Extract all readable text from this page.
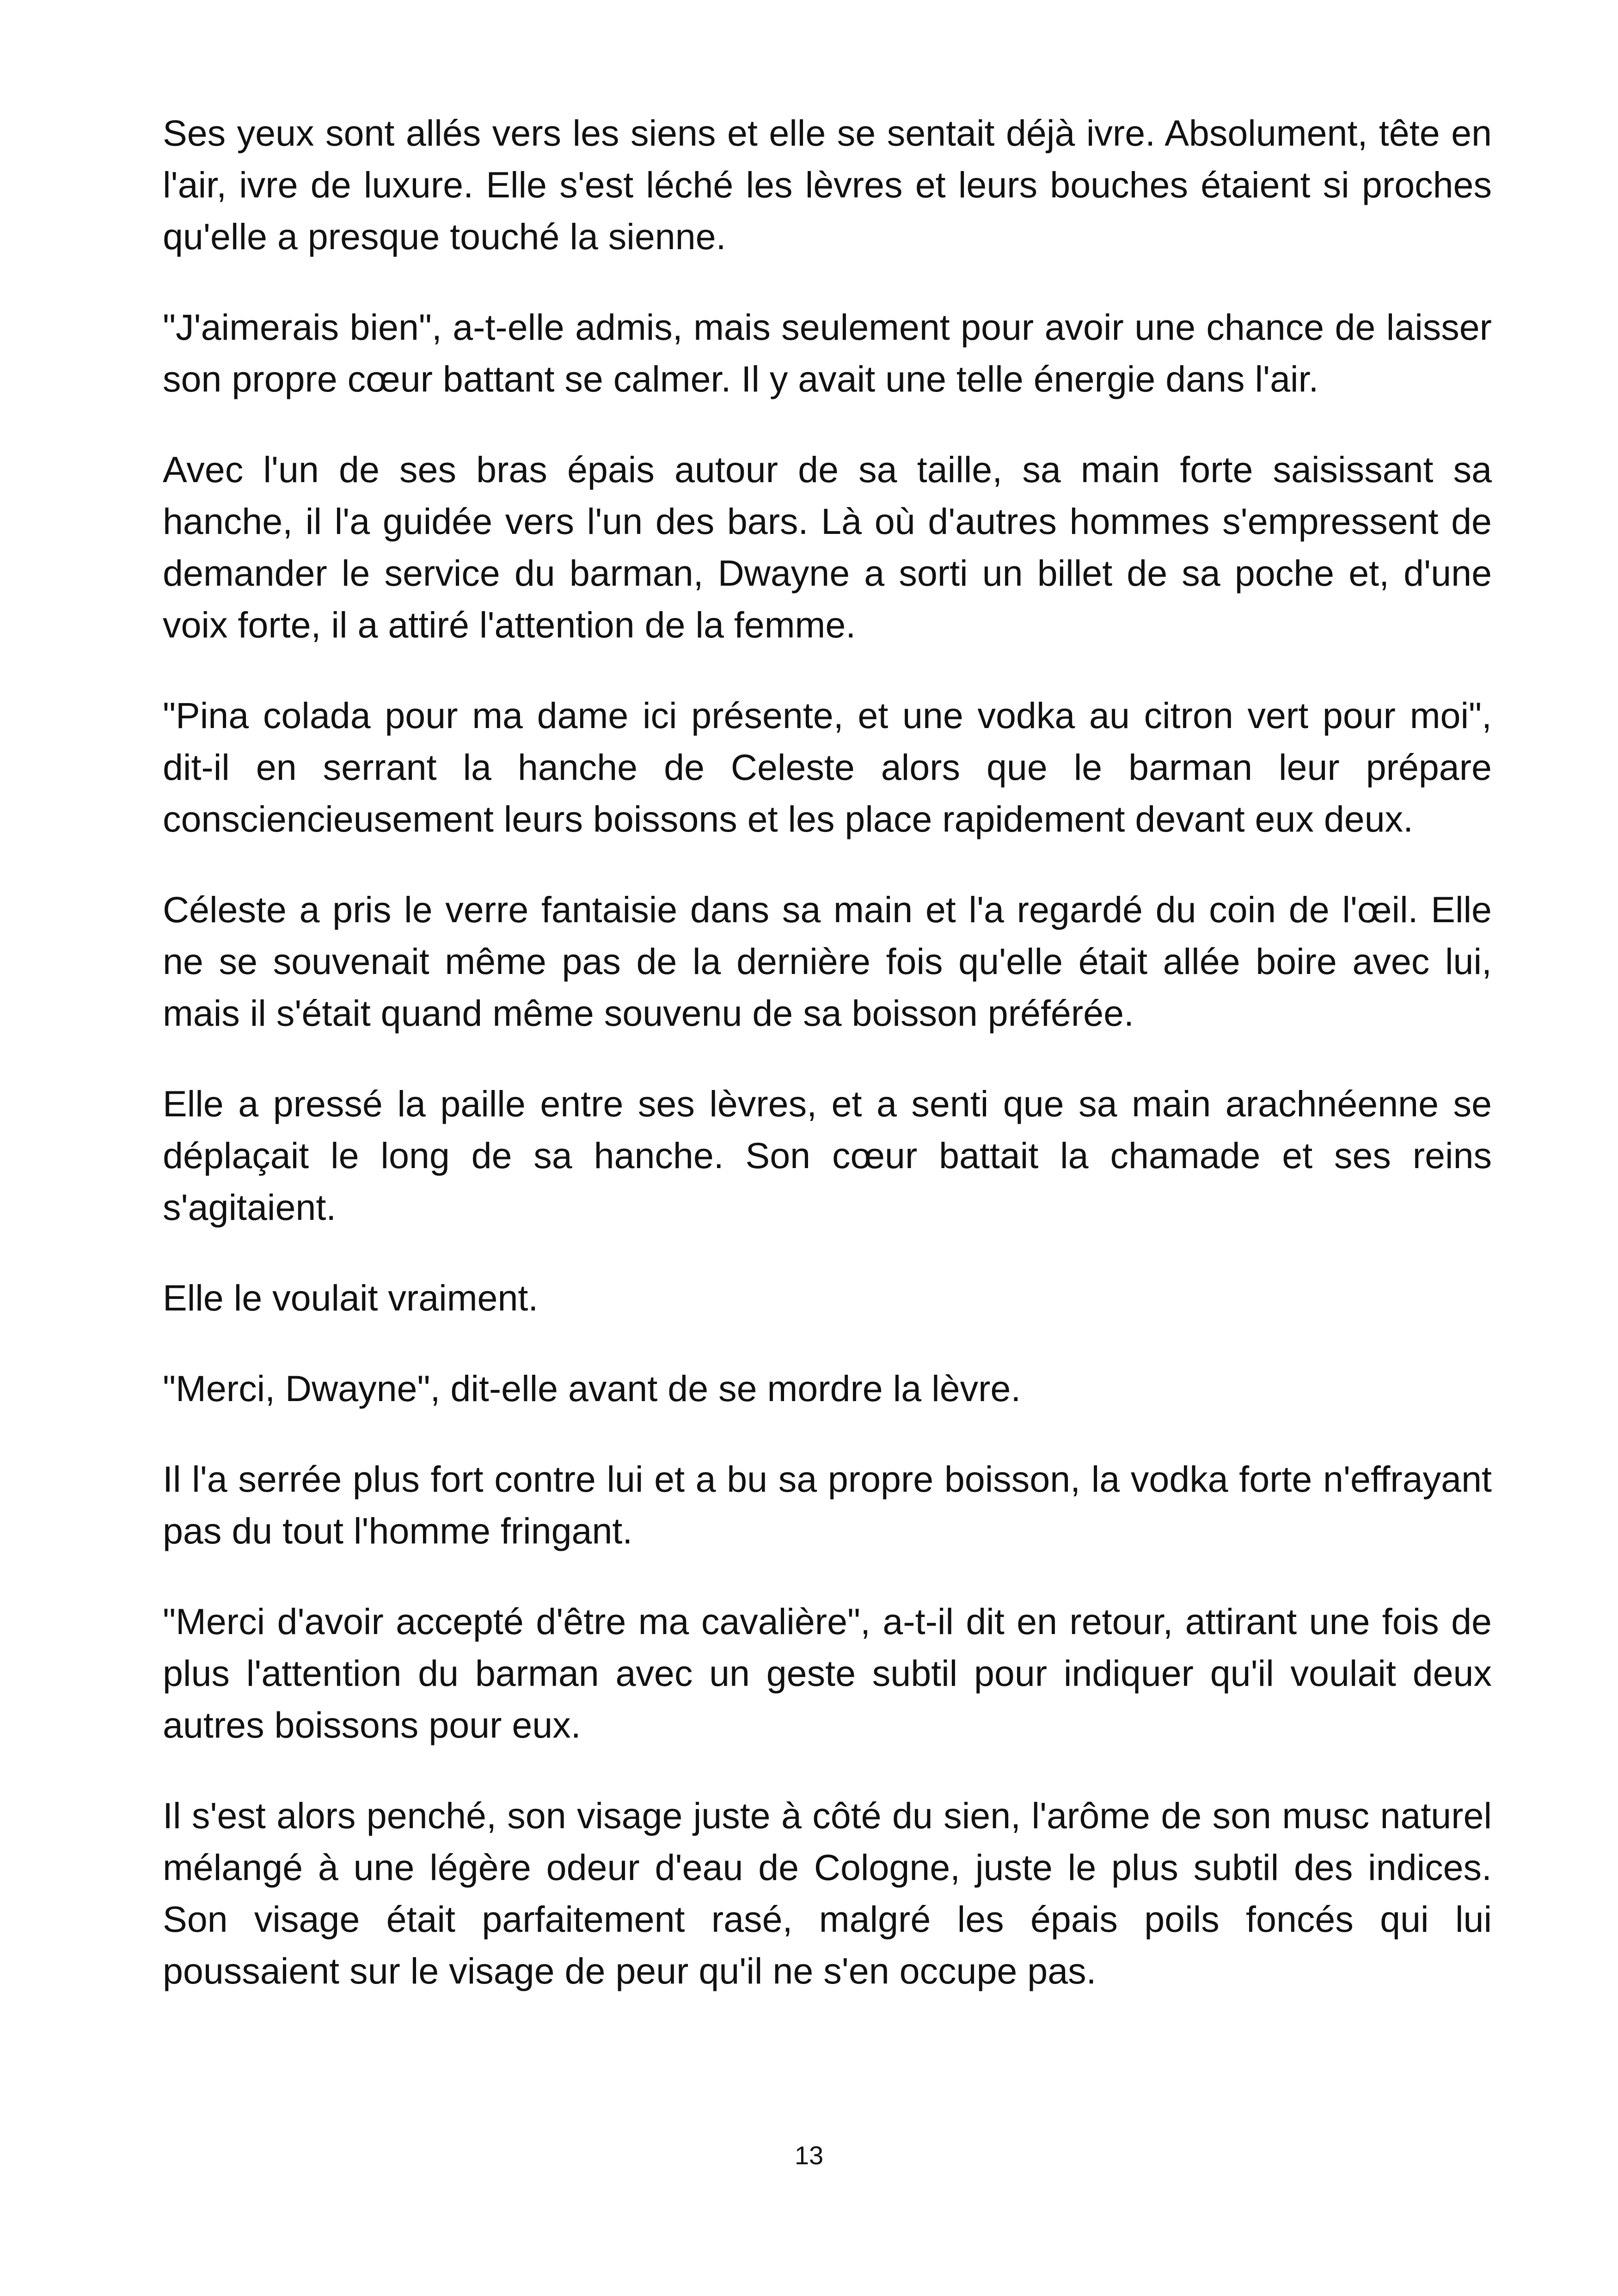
Ses yeux sont allés vers les siens et elle se sentait déjà ivre. Absolument, tête en l'air, ivre de luxure. Elle s'est léché les lèvres et leurs bouches étaient si proches qu'elle a presque touché la sienne.

"J'aimerais bien", a-t-elle admis, mais seulement pour avoir une chance de laisser son propre cœur battant se calmer. Il y avait une telle énergie dans l'air.

Avec l'un de ses bras épais autour de sa taille, sa main forte saisissant sa hanche, il l'a guidée vers l'un des bars. Là où d'autres hommes s'empressent de demander le service du barman, Dwayne a sorti un billet de sa poche et, d'une voix forte, il a attiré l'attention de la femme.

"Pina colada pour ma dame ici présente, et une vodka au citron vert pour moi", dit-il en serrant la hanche de Celeste alors que le barman leur prépare consciencieusement leurs boissons et les place rapidement devant eux deux.

Céleste a pris le verre fantaisie dans sa main et l'a regardé du coin de l'œil. Elle ne se souvenait même pas de la dernière fois qu'elle était allée boire avec lui, mais il s'était quand même souvenu de sa boisson préférée.

Elle a pressé la paille entre ses lèvres, et a senti que sa main arachnéenne se déplaçait le long de sa hanche. Son cœur battait la chamade et ses reins s'agitaient.

Elle le voulait vraiment.

"Merci, Dwayne", dit-elle avant de se mordre la lèvre.

Il l'a serrée plus fort contre lui et a bu sa propre boisson, la vodka forte n'effrayant pas du tout l'homme fringant.

"Merci d'avoir accepté d'être ma cavalière", a-t-il dit en retour, attirant une fois de plus l'attention du barman avec un geste subtil pour indiquer qu'il voulait deux autres boissons pour eux.

Il s'est alors penché, son visage juste à côté du sien, l'arôme de son musc naturel mélangé à une légère odeur d'eau de Cologne, juste le plus subtil des indices. Son visage était parfaitement rasé, malgré les épais poils foncés qui lui poussaient sur le visage de peur qu'il ne s'en occupe pas.

13
